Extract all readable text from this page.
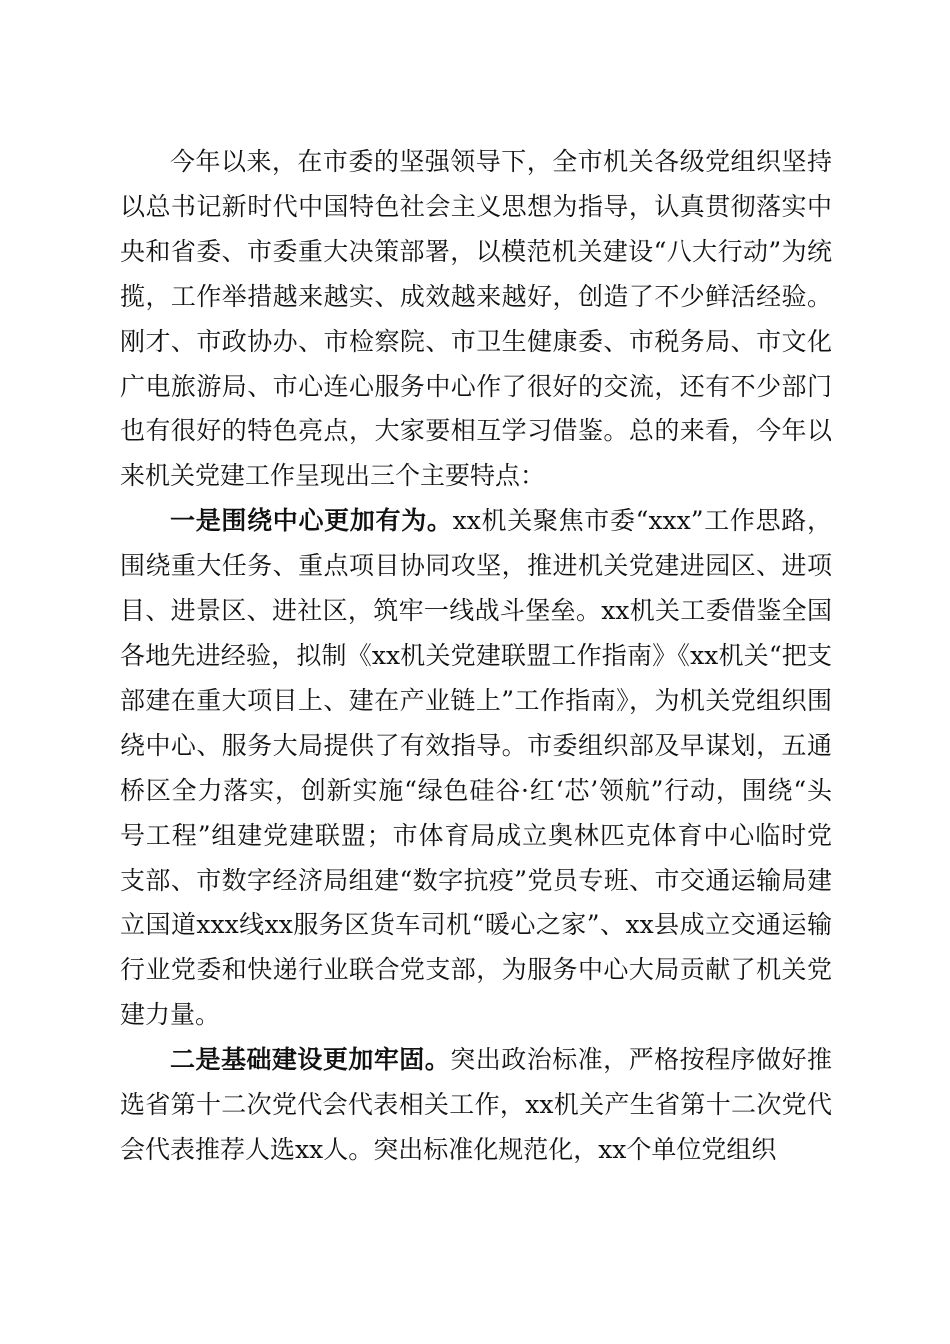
今年以来，在市委的坚强领导下，全市机关各级党组织坚持以总书记新时代中国特色社会主义思想为指导，认真贯彻落实中央和省委、市委重大决策部署，以模范机关建设“八大行动”为统揽，工作举措越来越实、成效越来越好，创造了不少鲜活经验。刚才、市政协办、市检察院、市卫生健康委、市税务局、市文化广电旅游局、市心连心服务中心作了很好的交流，还有不少部门也有很好的特色亮点，大家要相互学习借鉴。总的来看，今年以来机关党建工作呈现出三个主要特点：

一是围绕中心更加有为。xx机关聚焦市委“xxx”工作思路，围绕重大任务、重点项目协同攻坚，推进机关党建进园区、进项目、进景区、进社区，筑牢一线战斗堡垒。xx机关工委借鉴全国各地先进经验，拟制《xx机关党建联盟工作指南》《xx机关“把支部建在重大项目上、建在产业链上”工作指南》，为机关党组织围绕中心、服务大局提供了有效指导。市委组织部及早谋划，五通桥区全力落实，创新实施“绿色硅谷·红‘芯’领航”行动，围绕“头号工程”组建党建联盟；市体育局成立奥林匹克体育中心临时党支部、市数字经济局组建“数字抗疫”党员专班、市交通运输局建立国道xxx线xx服务区货车司机“暖心之家”、xx县成立交通运输行业党委和快递行业联合党支部，为服务中心大局贡献了机关党建力量。

二是基础建设更加牢固。突出政治标准，严格按程序做好推选省第十二次党代会代表相关工作，xx机关产生省第十二次党代会代表推荐人选xx人。突出标准化规范化，xx个单位党组织
